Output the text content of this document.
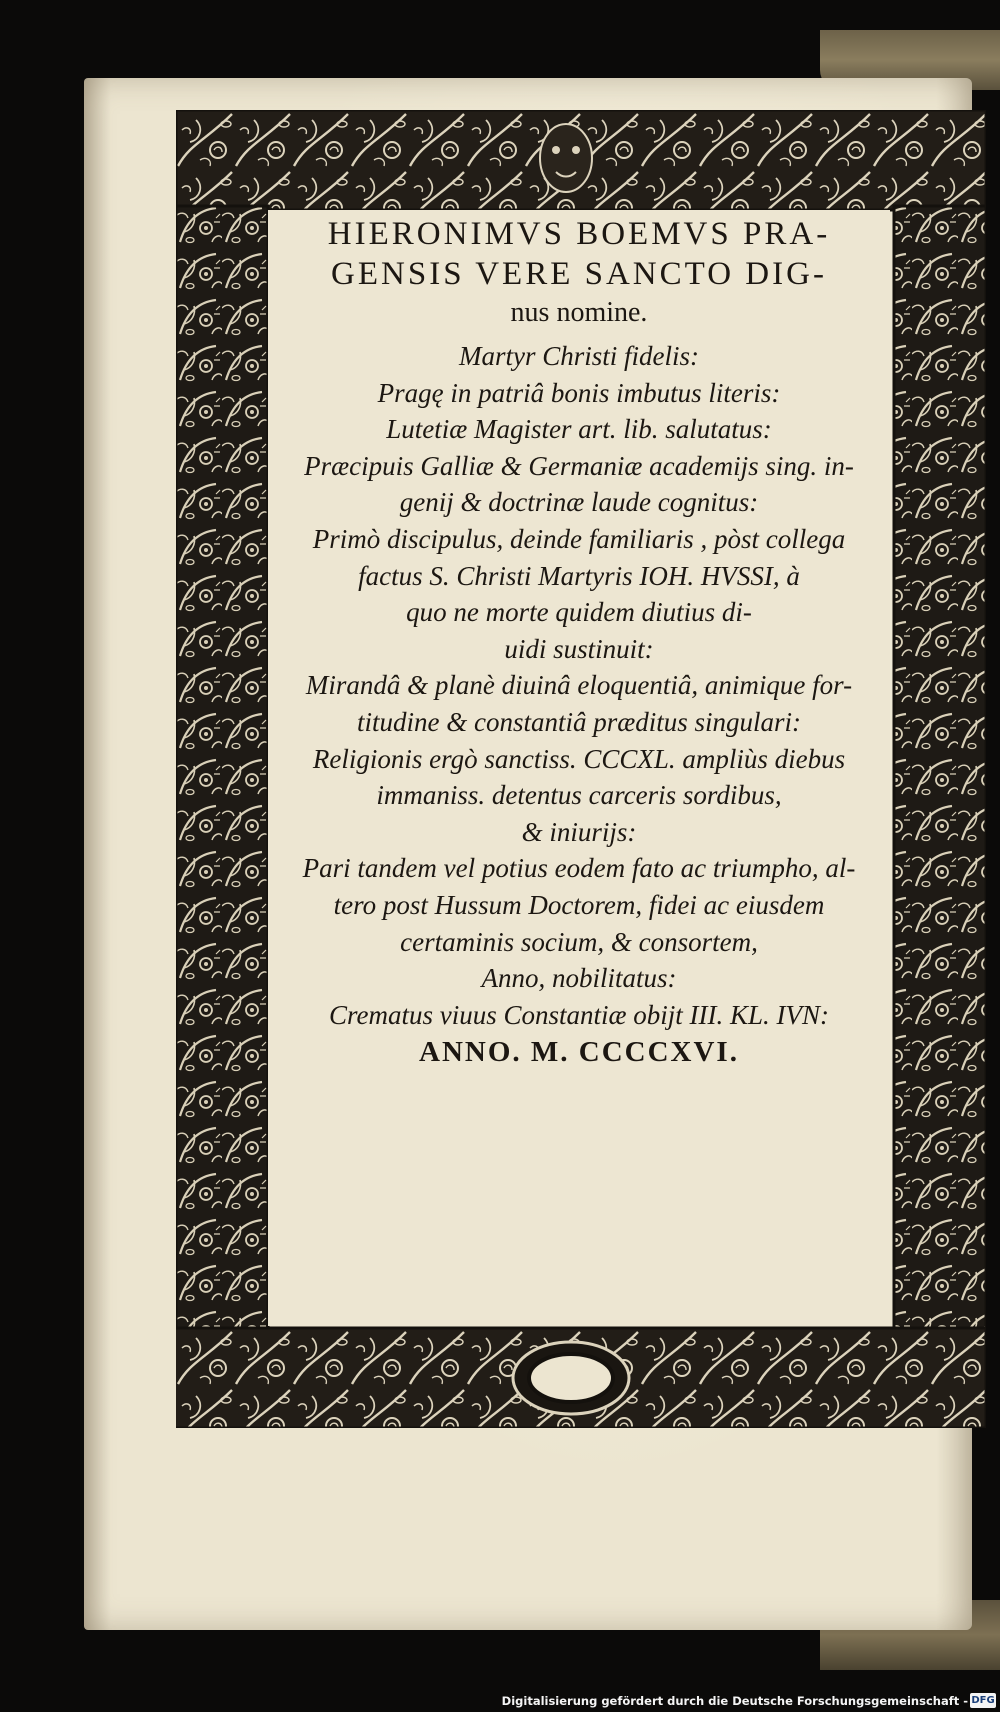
HIERONIMVS BOEMVS PRA-
GENSIS VERE SANCTO DIG-
nus nomine.
Martyr Christi fidelis:
Pragę in patriâ bonis imbutus literis:
Lutetiæ Magister art. lib. salutatus:
Præcipuis Galliæ & Germaniæ academijs sing. in-
genij & doctrinæ laude cognitus:
Primò discipulus, deinde familiaris , pòst collega
factus S. Christi Martyris IOH. HVSSI, à
quo ne morte quidem diutius di-
uidi sustinuit:
Mirandâ & planè diuinâ eloquentiâ, animique for-
titudine & constantiâ præditus singulari:
Religionis ergò sanctiss. CCCXL. ampliùs diebus
immaniss. detentus carceris sordibus,
& iniurijs:
Pari tandem vel potius eodem fato ac triumpho, al-
tero post Hussum Doctorem, fidei ac eiusdem
certaminis socium, & consortem,
Anno, nobilitatus:
Crematus viuus Constantiæ obijt III. KL. IVN:
ANNO. M. CCCCXVI.
Digitalisierung gefördert durch die Deutsche Forschungsgemeinschaft - DFG
